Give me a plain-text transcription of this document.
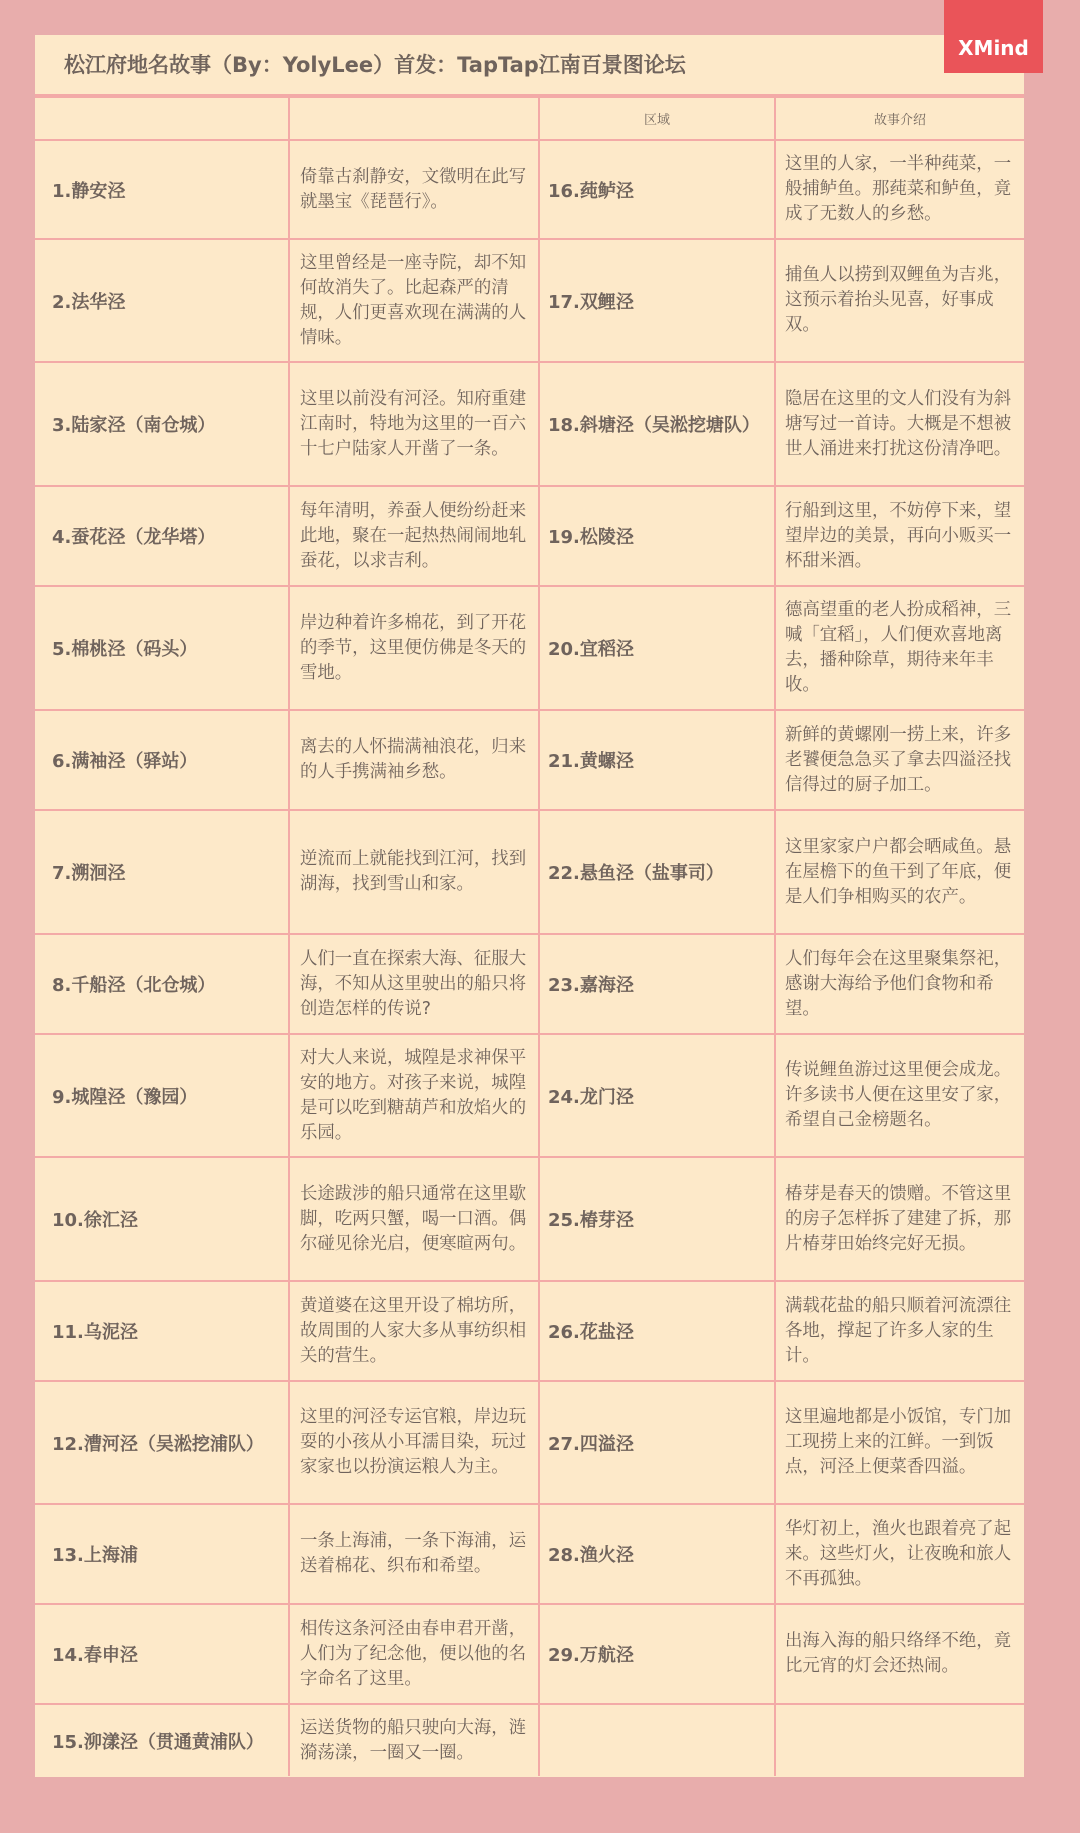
松江府地名故事（By：YolyLee）首发：TapTap江南百景图论坛
		区域	故事介绍
1.静安泾	倚靠古刹静安，文徵明在此写就墨宝《琵琶行》。	16.莼鲈泾	这里的人家，一半种莼菜，一般捕鲈鱼。那莼菜和鲈鱼，竟成了无数人的乡愁。
2.法华泾	这里曾经是一座寺院，却不知何故消失了。比起森严的清规，人们更喜欢现在满满的人情味。	17.双鲤泾	捕鱼人以捞到双鲤鱼为吉兆，这预示着抬头见喜，好事成双。
3.陆家泾（南仓城）	这里以前没有河泾。知府重建江南时，特地为这里的一百六十七户陆家人开凿了一条。	18.斜塘泾（吴淞挖塘队）	隐居在这里的文人们没有为斜塘写过一首诗。大概是不想被世人涌进来打扰这份清净吧。
4.蚕花泾（龙华塔）	每年清明，养蚕人便纷纷赶来此地，聚在一起热热闹闹地轧蚕花，以求吉利。	19.松陵泾	行船到这里，不妨停下来，望望岸边的美景，再向小贩买一杯甜米酒。
5.棉桃泾（码头）	岸边种着许多棉花，到了开花的季节，这里便仿佛是冬天的雪地。	20.宜稻泾	德高望重的老人扮成稻神，三喊「宜稻」，人们便欢喜地离去，播种除草，期待来年丰收。
6.满袖泾（驿站）	离去的人怀揣满袖浪花，归来的人手携满袖乡愁。	21.黄螺泾	新鲜的黄螺刚一捞上来，许多老饕便急急买了拿去四溢泾找信得过的厨子加工。
7.溯洄泾	逆流而上就能找到江河，找到湖海，找到雪山和家。	22.悬鱼泾（盐事司）	这里家家户户都会晒咸鱼。悬在屋檐下的鱼干到了年底，便是人们争相购买的农产。
8.千船泾（北仓城）	人们一直在探索大海、征服大海，不知从这里驶出的船只将创造怎样的传说?	23.嘉海泾	人们每年会在这里聚集祭祀，感谢大海给予他们食物和希望。
9.城隍泾（豫园）	对大人来说，城隍是求神保平安的地方。对孩子来说，城隍是可以吃到糖葫芦和放焰火的乐园。	24.龙门泾	传说鲤鱼游过这里便会成龙。许多读书人便在这里安了家，希望自己金榜题名。
10.徐汇泾	长途跋涉的船只通常在这里歇脚，吃两只蟹，喝一口酒。偶尔碰见徐光启，便寒暄两句。	25.椿芽泾	椿芽是春天的馈赠。不管这里的房子怎样拆了建建了拆，那片椿芽田始终完好无损。
11.乌泥泾	黄道婆在这里开设了棉坊所，故周围的人家大多从事纺织相关的营生。	26.花盐泾	满载花盐的船只顺着河流漂往各地，撑起了许多人家的生计。
12.漕河泾（吴淞挖浦队）	这里的河泾专运官粮，岸边玩耍的小孩从小耳濡目染，玩过家家也以扮演运粮人为主。	27.四溢泾	这里遍地都是小饭馆，专门加工现捞上来的江鲜。一到饭点，河泾上便菜香四溢。
13.上海浦	一条上海浦，一条下海浦，运送着棉花、织布和希望。	28.渔火泾	华灯初上，渔火也跟着亮了起来。这些灯火，让夜晚和旅人不再孤独。
14.春申泾	相传这条河泾由春申君开凿，人们为了纪念他，便以他的名字命名了这里。	29.万航泾	出海入海的船只络绎不绝，竟比元宵的灯会还热闹。
15.泖漾泾（贯通黄浦队）	运送货物的船只驶向大海，涟漪荡漾，一圈又一圈。		
XMind
